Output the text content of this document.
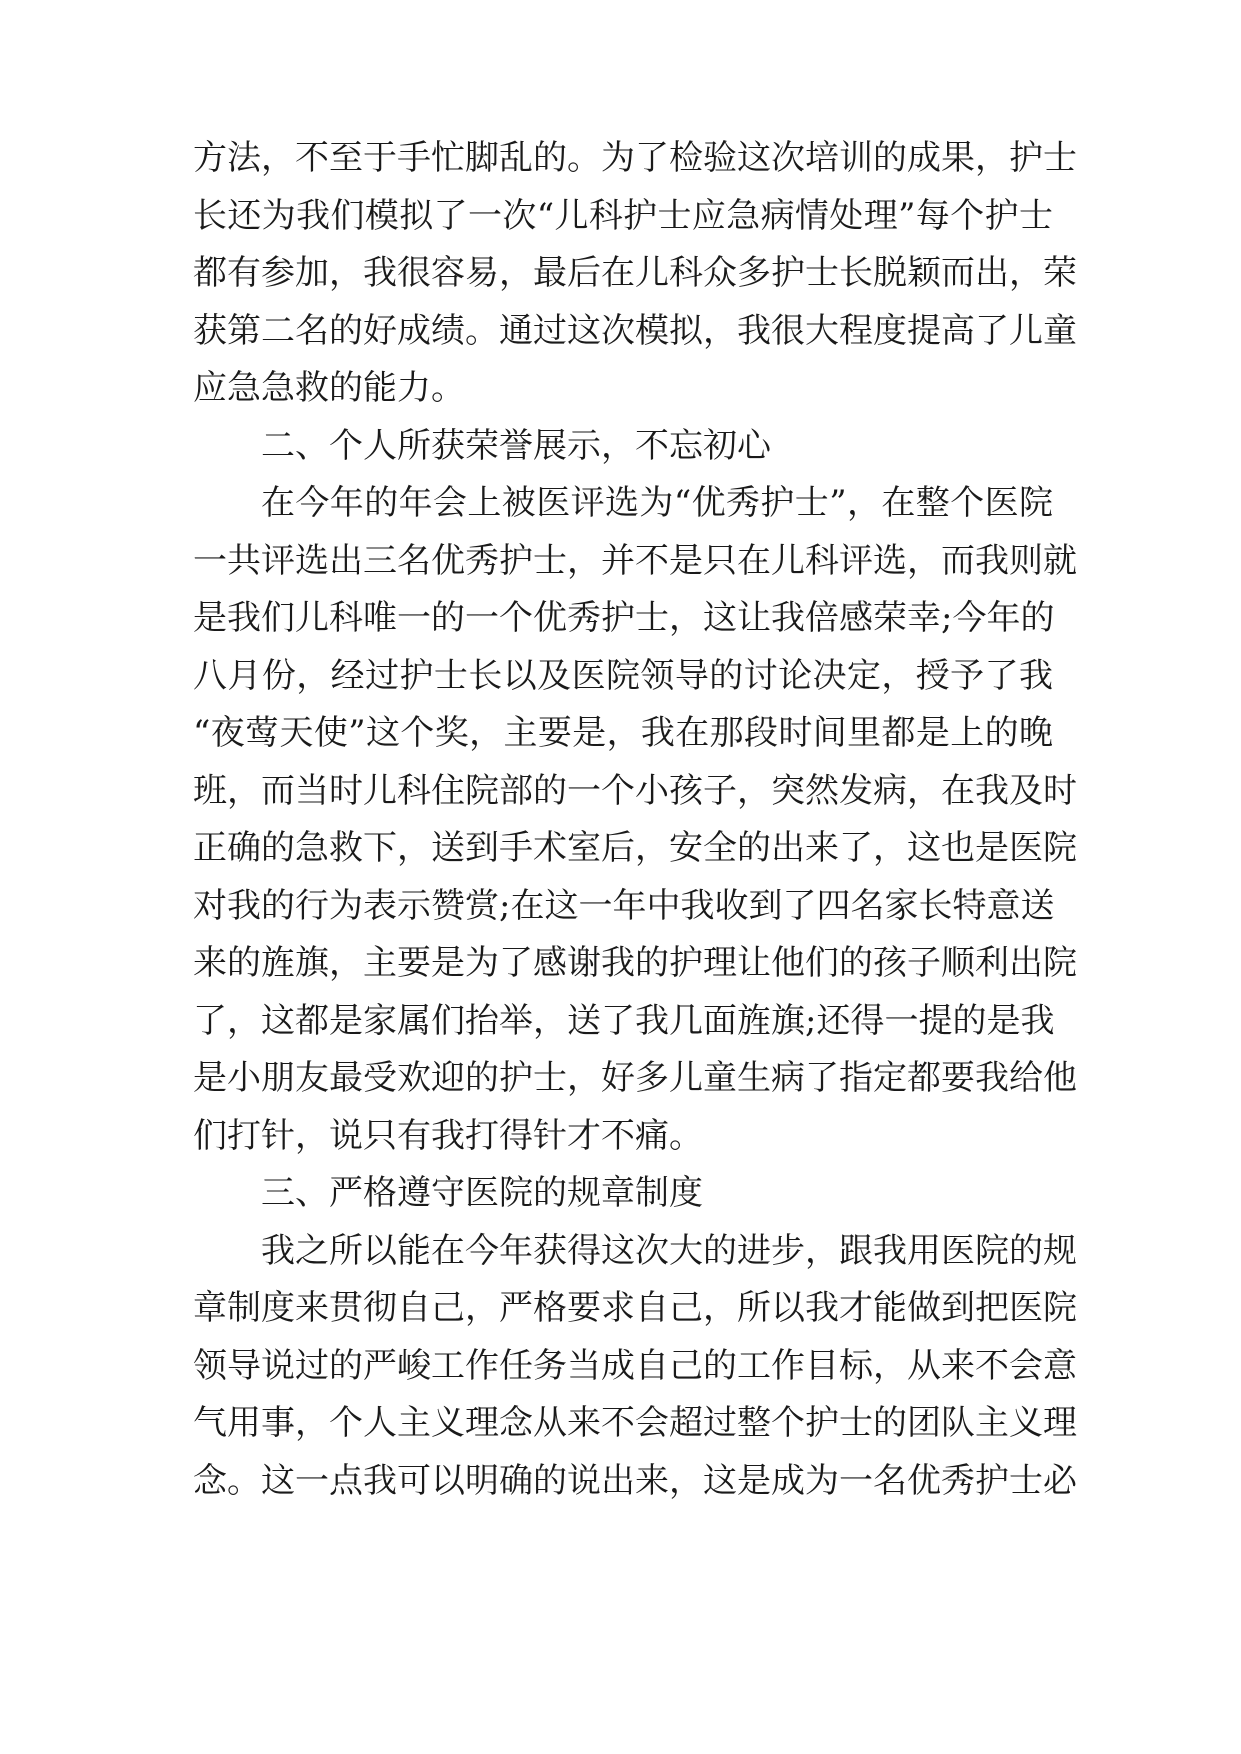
方法，不至于手忙脚乱的。为了检验这次培训的成果，护士
长还为我们模拟了一次“儿科护士应急病情处理”每个护士
都有参加，我很容易，最后在儿科众多护士长脱颖而出，荣
获第二名的好成绩。通过这次模拟，我很大程度提高了儿童
应急急救的能力。
二、个人所获荣誉展示，不忘初心
在今年的年会上被医评选为“优秀护士”，在整个医院
一共评选出三名优秀护士，并不是只在儿科评选，而我则就
是我们儿科唯一的一个优秀护士，这让我倍感荣幸;今年的
八月份，经过护士长以及医院领导的讨论决定，授予了我
“夜莺天使”这个奖，主要是，我在那段时间里都是上的晚
班，而当时儿科住院部的一个小孩子，突然发病，在我及时
正确的急救下，送到手术室后，安全的出来了，这也是医院
对我的行为表示赞赏;在这一年中我收到了四名家长特意送
来的旌旗，主要是为了感谢我的护理让他们的孩子顺利出院
了，这都是家属们抬举，送了我几面旌旗;还得一提的是我
是小朋友最受欢迎的护士，好多儿童生病了指定都要我给他
们打针，说只有我打得针才不痛。
三、严格遵守医院的规章制度
我之所以能在今年获得这次大的进步，跟我用医院的规
章制度来贯彻自己，严格要求自己，所以我才能做到把医院
领导说过的严峻工作任务当成自己的工作目标，从来不会意
气用事，个人主义理念从来不会超过整个护士的团队主义理
念。这一点我可以明确的说出来，这是成为一名优秀护士必
